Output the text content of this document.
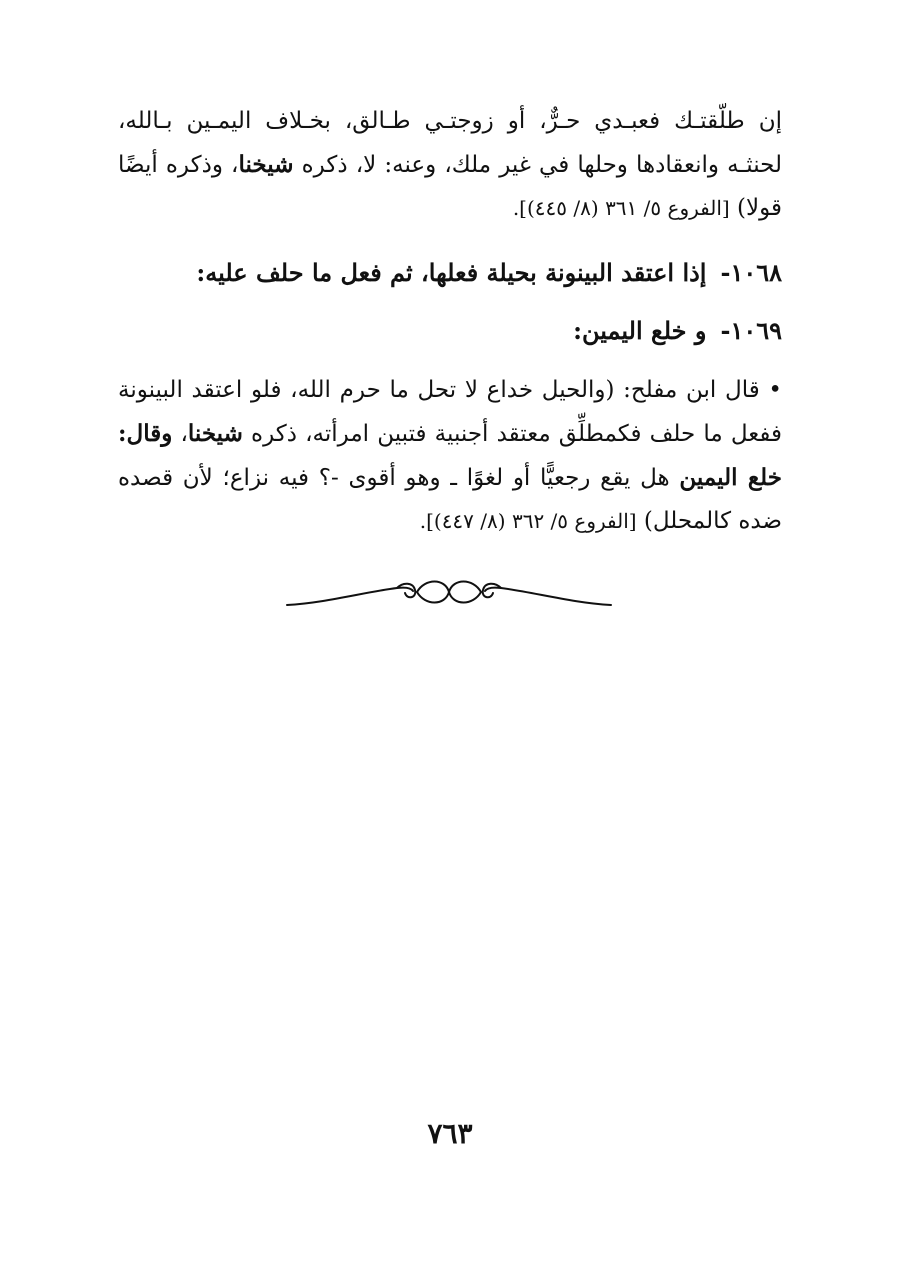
إن طلّقتـك فعبـدي حـرٌّ، أو زوجتـي طـالق، بخـلاف اليمـين بـالله، لحنثـه وانعقادها وحلها في غير ملك، وعنه: لا، ذكره شيخنا، وذكره أيضًا قولا) [الفروع ٥/ ٣٦١ (٨/ ٤٤٥)].

١٠٦٨-إذا اعتقد البينونة بحيلة فعلها، ثم فعل ما حلف عليه:

١٠٦٩-و خلع اليمين:

• قال ابن مفلح: (والحيل خداع لا تحل ما حرم الله، فلو اعتقد البينونة ففعل ما حلف فكمطلِّق معتقد أجنبية فتبين امرأته، ذكره شيخنا، وقال: خلع اليمين هل يقع رجعيًّا أو لغوًا ـ وهو أقوى -؟ فيه نزاع؛ لأن قصده ضده كالمحلل) [الفروع ٥/ ٣٦٢ (٨/ ٤٤٧)].

٧٦٣
